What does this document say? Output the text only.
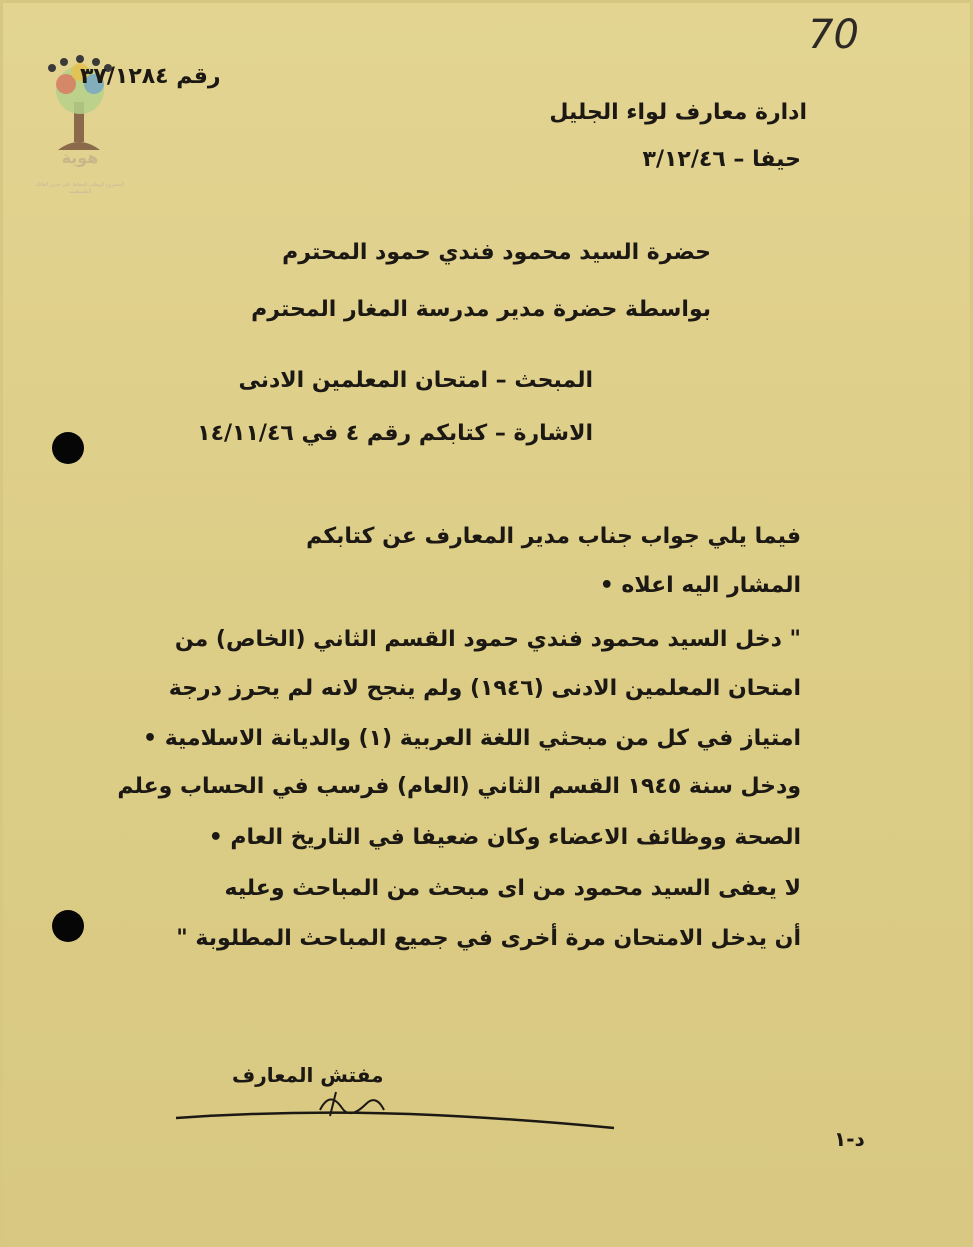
70
هوية
المشروع الوطني للحفاظ على جذور العائلة الفلسطينية
رقم ٣٧/١٢٨٤
ادارة معارف لواء الجليل
حيفا – ٣/١٢/٤٦
حضرة السيد محمود فندي حمود المحترم
بواسطة حضرة مدير مدرسة المغار المحترم
المبحث – امتحان المعلمين الادنى
الاشارة – كتابكم رقم ٤ في ١٤/١١/٤٦
فيما يلي جواب جناب مدير المعارف عن كتابكم
المشار اليه اعلاه •
" دخل السيد محمود فندي حمود القسم الثاني (الخاص) من
امتحان المعلمين الادنى (١٩٤٦) ولم ينجح لانه لم يحرز درجة
امتياز في كل من مبحثي اللغة العربية (١) والديانة الاسلامية •
ودخل سنة ١٩٤٥ القسم الثاني (العام) فرسب في الحساب وعلم
الصحة ووظائف الاعضاء وكان ضعيفا في التاريخ العام •
لا يعفى السيد محمود من اى مبحث من المباحث وعليه
أن يدخل الامتحان مرة أخرى في جميع المباحث المطلوبة "
مفتش المعارف
د-١
